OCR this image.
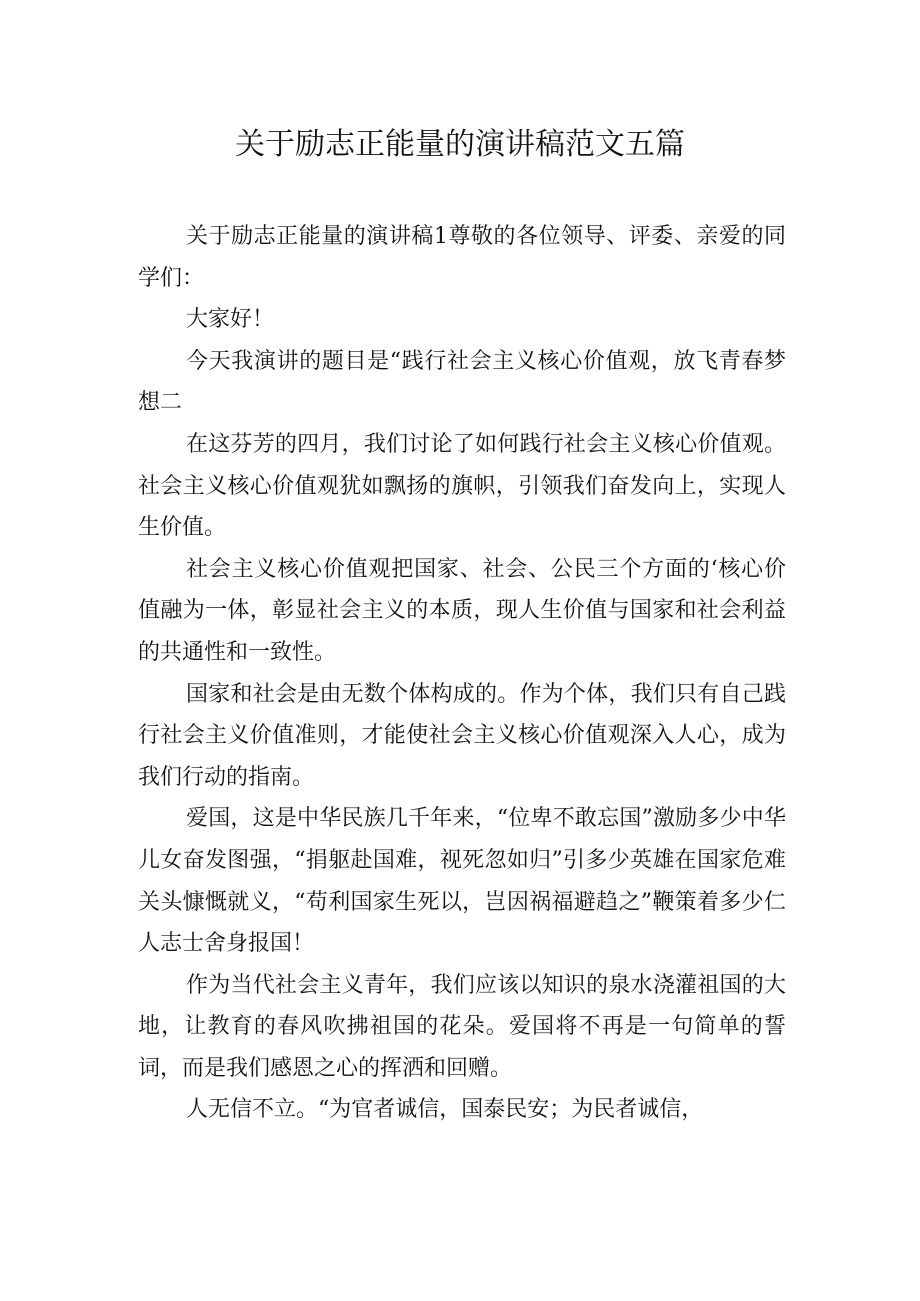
关于励志正能量的演讲稿范文五篇

关于励志正能量的演讲稿1尊敬的各位领导、评委、亲爱的同学们：

大家好！

今天我演讲的题目是“践行社会主义核心价值观，放飞青春梦想二

在这芬芳的四月，我们讨论了如何践行社会主义核心价值观。社会主义核心价值观犹如飘扬的旗帜，引领我们奋发向上，实现人生价值。

社会主义核心价值观把国家、社会、公民三个方面的‘核心价值融为一体，彰显社会主义的本质，现人生价值与国家和社会利益的共通性和一致性。

国家和社会是由无数个体构成的。作为个体，我们只有自己践行社会主义价值准则，才能使社会主义核心价值观深入人心，成为我们行动的指南。

爱国，这是中华民族几千年来，“位卑不敢忘国”激励多少中华儿女奋发图强，“捐躯赴国难，视死忽如归”引多少英雄在国家危难关头慷慨就义，“苟利国家生死以，岂因祸福避趋之”鞭策着多少仁人志士舍身报国！

作为当代社会主义青年，我们应该以知识的泉水浇灌祖国的大地，让教育的春风吹拂祖国的花朵。爱国将不再是一句简单的誓词，而是我们感恩之心的挥洒和回赠。

人无信不立。“为官者诚信，国泰民安；为民者诚信，
